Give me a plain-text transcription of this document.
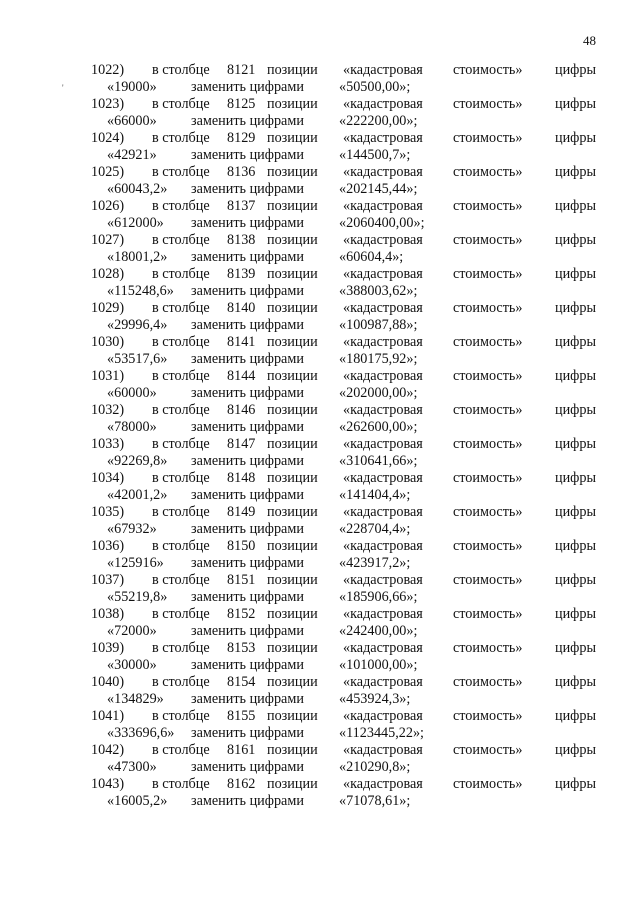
48
'
1022) в столбце 8121 позиции «кадастровая стоимость» цифры
«19000» заменить цифрами «50500,00»;
1023) в столбце 8125 позиции «кадастровая стоимость» цифры
«66000» заменить цифрами «222200,00»;
1024) в столбце 8129 позиции «кадастровая стоимость» цифры
«42921» заменить цифрами «144500,7»;
1025) в столбце 8136 позиции «кадастровая стоимость» цифры
«60043,2» заменить цифрами «202145,44»;
1026) в столбце 8137 позиции «кадастровая стоимость» цифры
«612000» заменить цифрами «2060400,00»;
1027) в столбце 8138 позиции «кадастровая стоимость» цифры
«18001,2» заменить цифрами «60604,4»;
1028) в столбце 8139 позиции «кадастровая стоимость» цифры
«115248,6» заменить цифрами «388003,62»;
1029) в столбце 8140 позиции «кадастровая стоимость» цифры
«29996,4» заменить цифрами «100987,88»;
1030) в столбце 8141 позиции «кадастровая стоимость» цифры
«53517,6» заменить цифрами «180175,92»;
1031) в столбце 8144 позиции «кадастровая стоимость» цифры
«60000» заменить цифрами «202000,00»;
1032) в столбце 8146 позиции «кадастровая стоимость» цифры
«78000» заменить цифрами «262600,00»;
1033) в столбце 8147 позиции «кадастровая стоимость» цифры
«92269,8» заменить цифрами «310641,66»;
1034) в столбце 8148 позиции «кадастровая стоимость» цифры
«42001,2» заменить цифрами «141404,4»;
1035) в столбце 8149 позиции «кадастровая стоимость» цифры
«67932» заменить цифрами «228704,4»;
1036) в столбце 8150 позиции «кадастровая стоимость» цифры
«125916» заменить цифрами «423917,2»;
1037) в столбце 8151 позиции «кадастровая стоимость» цифры
«55219,8» заменить цифрами «185906,66»;
1038) в столбце 8152 позиции «кадастровая стоимость» цифры
«72000» заменить цифрами «242400,00»;
1039) в столбце 8153 позиции «кадастровая стоимость» цифры
«30000» заменить цифрами «101000,00»;
1040) в столбце 8154 позиции «кадастровая стоимость» цифры
«134829» заменить цифрами «453924,3»;
1041) в столбце 8155 позиции «кадастровая стоимость» цифры
«333696,6» заменить цифрами «1123445,22»;
1042) в столбце 8161 позиции «кадастровая стоимость» цифры
«47300» заменить цифрами «210290,8»;
1043) в столбце 8162 позиции «кадастровая стоимость» цифры
«16005,2» заменить цифрами «71078,61»;
